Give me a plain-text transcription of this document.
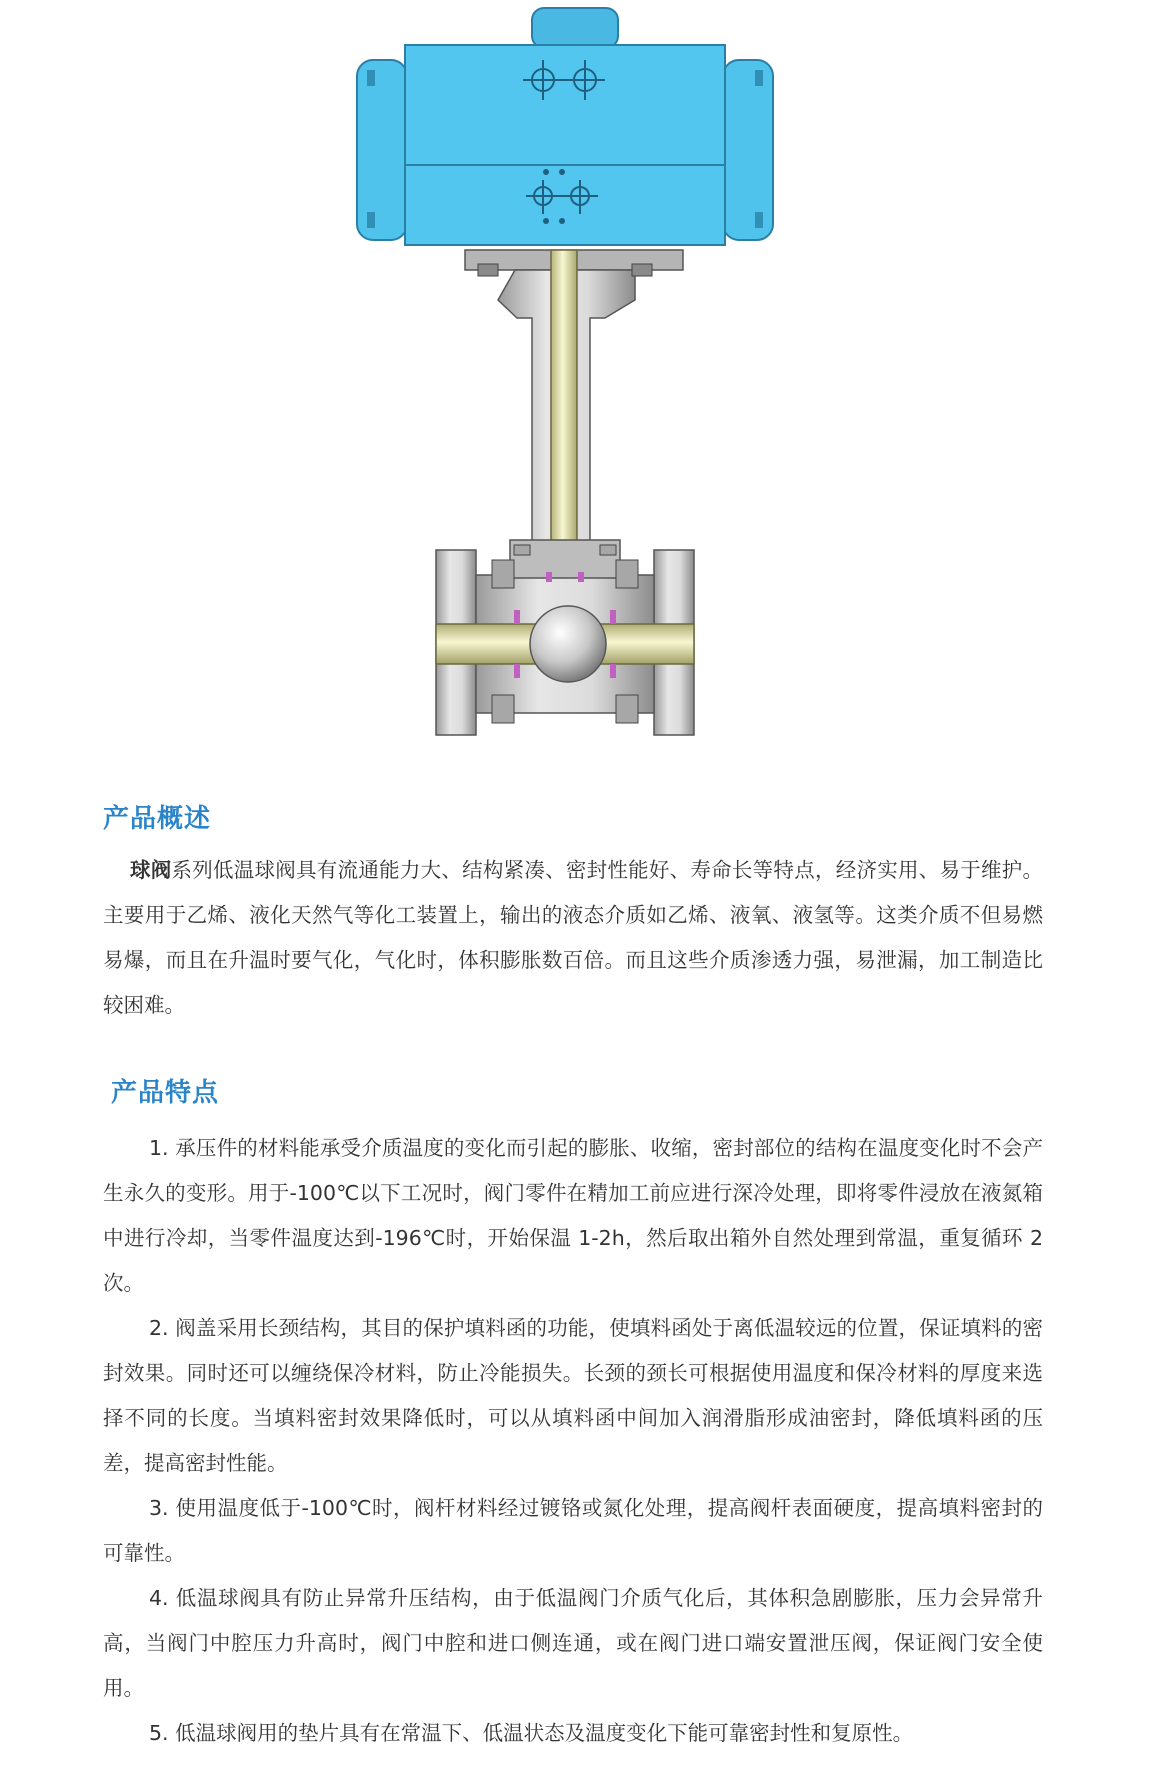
产品概述

球阀系列低温球阀具有流通能力大、结构紧凑、密封性能好、寿命长等特点，经济实用、易于维护。主要用于乙烯、液化天然气等化工装置上，输出的液态介质如乙烯、液氧、液氢等。这类介质不但易燃易爆，而且在升温时要气化，气化时，体积膨胀数百倍。而且这些介质渗透力强，易泄漏，加工制造比较困难。

产品特点

1. 承压件的材料能承受介质温度的变化而引起的膨胀、收缩，密封部位的结构在温度变化时不会产生永久的变形。用于-100℃以下工况时，阀门零件在精加工前应进行深冷处理，即将零件浸放在液氮箱中进行冷却，当零件温度达到-196℃时，开始保温 1-2h，然后取出箱外自然处理到常温，重复循环 2 次。

2. 阀盖采用长颈结构，其目的保护填料函的功能，使填料函处于离低温较远的位置，保证填料的密封效果。同时还可以缠绕保冷材料，防止冷能损失。长颈的颈长可根据使用温度和保冷材料的厚度来选择不同的长度。当填料密封效果降低时，可以从填料函中间加入润滑脂形成油密封，降低填料函的压差，提高密封性能。

3. 使用温度低于-100℃时，阀杆材料经过镀铬或氮化处理，提高阀杆表面硬度，提高填料密封的可靠性。

4. 低温球阀具有防止异常升压结构，由于低温阀门介质气化后，其体积急剧膨胀，压力会异常升高，当阀门中腔压力升高时，阀门中腔和进口侧连通，或在阀门进口端安置泄压阀，保证阀门安全使用。

5. 低温球阀用的垫片具有在常温下、低温状态及温度变化下能可靠密封性和复原性。
